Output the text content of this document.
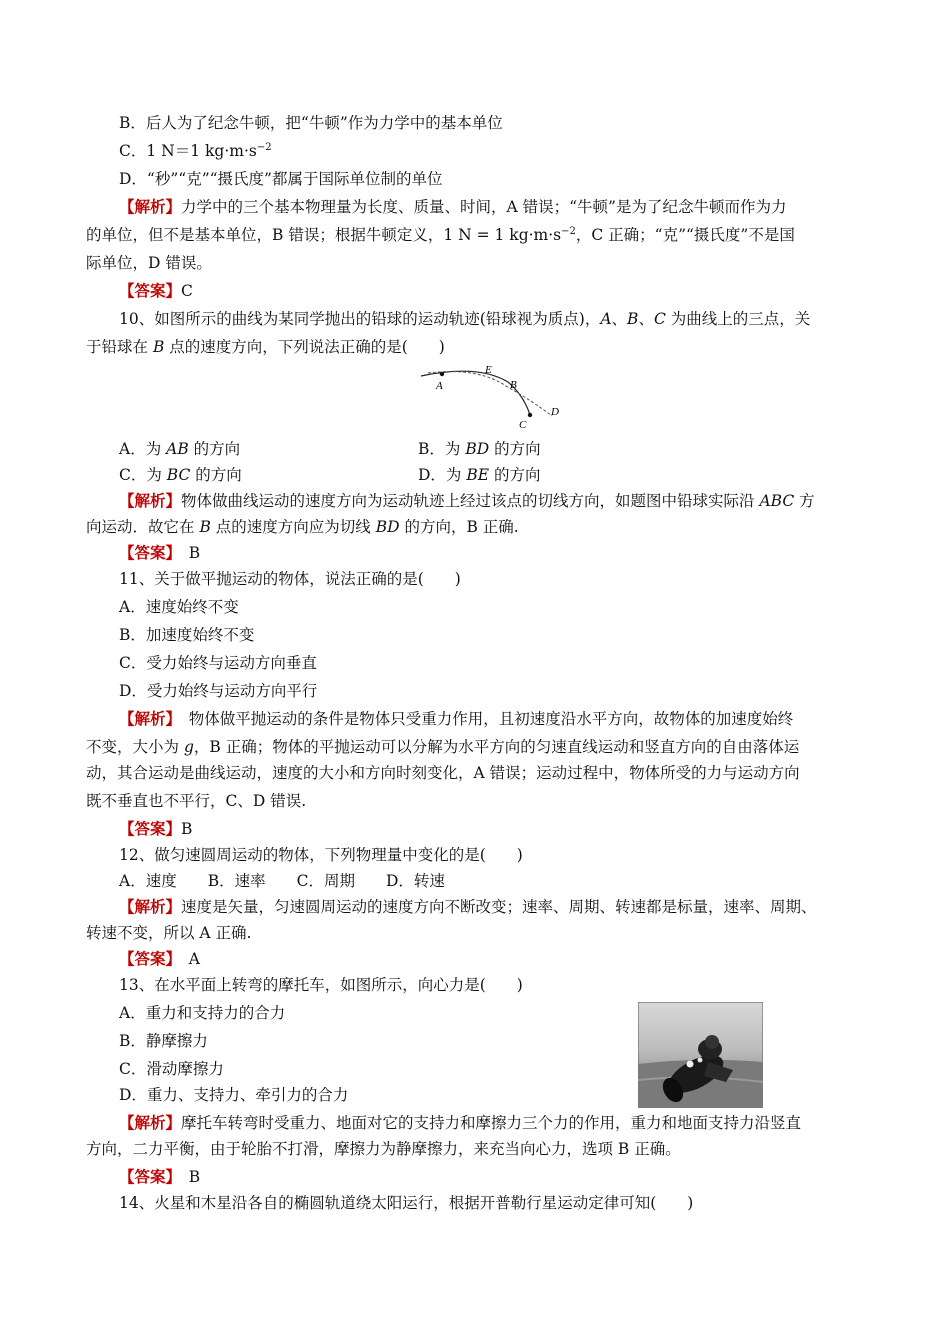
B．后人为了纪念牛顿，把“牛顿”作为力学中的基本单位
C．1 N＝1 $kg\cdot m\cdot s^{-2}$
D．“秒”“克”“摄氏度”都属于国际单位制的单位
【解析】力学中的三个基本物理量为长度、质量、时间，A 错误；“牛顿”是为了纪念牛顿而作为力
的单位，但不是基本单位，B 错误；根据牛顿定义，1 N = 1 $kg\cdot m\cdot s^{-2}$，C 正确；“克”“摄氏度”不是国
际单位，D 错误。
【答案】C
10、如图所示的曲线为某同学抛出的铅球的运动轨迹(铅球视为质点)，A、B、C 为曲线上的三点，关
于铅球在 B 点的速度方向，下列说法正确的是(　　)
A
E
B
C
D
A．为 AB 的方向	B．为 BD 的方向
C．为 BC 的方向	D．为 BE 的方向
【解析】物体做曲线运动的速度方向为运动轨迹上经过该点的切线方向，如题图中铅球实际沿 ABC 方
向运动．故它在 B 点的速度方向应为切线 BD 的方向，B 正确.
【答案】　B
11、关于做平抛运动的物体，说法正确的是(　　)
A．速度始终不变
B．加速度始终不变
C．受力始终与运动方向垂直
D．受力始终与运动方向平行
【解析】　物体做平抛运动的条件是物体只受重力作用，且初速度沿水平方向，故物体的加速度始终
不变，大小为 g，B 正确；物体的平抛运动可以分解为水平方向的匀速直线运动和竖直方向的自由落体运
动，其合运动是曲线运动，速度的大小和方向时刻变化，A 错误；运动过程中，物体所受的力与运动方向
既不垂直也不平行，C、D 错误.
【答案】B
12、做匀速圆周运动的物体，下列物理量中变化的是(　　)
A．速度　　B．速率　　C．周期　　D．转速
【解析】速度是矢量，匀速圆周运动的速度方向不断改变；速率、周期、转速都是标量，速率、周期、
转速不变，所以 A 正确.
【答案】　A
13、在水平面上转弯的摩托车，如图所示，向心力是(　　)
A．重力和支持力的合力
B．静摩擦力
C．滑动摩擦力
D．重力、支持力、牵引力的合力
【解析】摩托车转弯时受重力、地面对它的支持力和摩擦力三个力的作用，重力和地面支持力沿竖直
方向，二力平衡，由于轮胎不打滑，摩擦力为静摩擦力，来充当向心力，选项 B 正确。
【答案】　B
14、火星和木星沿各自的椭圆轨道绕太阳运行，根据开普勒行星运动定律可知(　　)
